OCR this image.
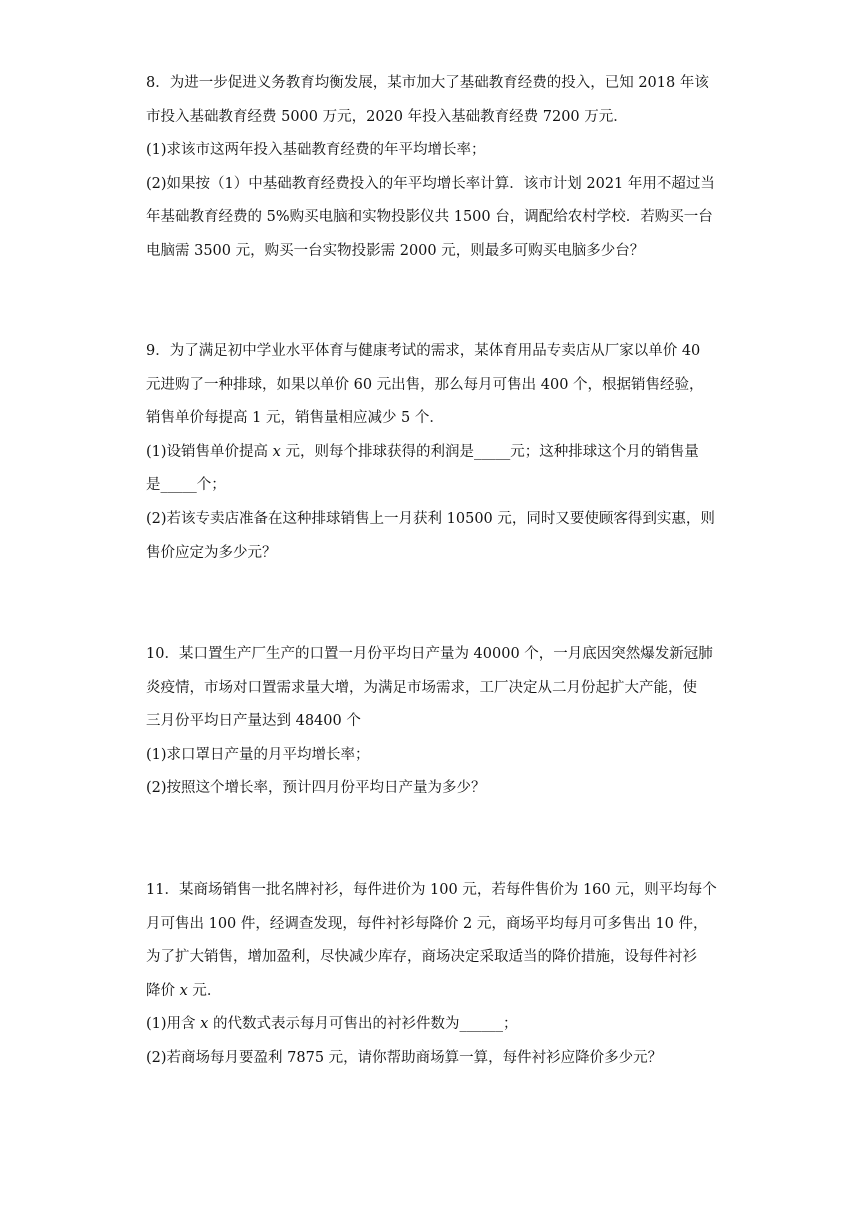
8．为进一步促进义务教育均衡发展，某市加大了基础教育经费的投入，已知 2018 年该
市投入基础教育经费 5000 万元，2020 年投入基础教育经费 7200 万元．
(1)求该市这两年投入基础教育经费的年平均增长率；
(2)如果按（1）中基础教育经费投入的年平均增长率计算．该市计划 2021 年用不超过当
年基础教育经费的 5%购买电脑和实物投影仪共 1500 台，调配给农村学校．若购买一台
电脑需 3500 元，购买一台实物投影需 2000 元，则最多可购买电脑多少台？
9．为了满足初中学业水平体育与健康考试的需求，某体育用品专卖店从厂家以单价 40
元进购了一种排球，如果以单价 60 元出售，那么每月可售出 400 个，根据销售经验，
销售单价每提高 1 元，销售量相应减少 5 个．
(1)设销售单价提高 x 元，则每个排球获得的利润是_____元；这种排球这个月的销售量
是_____个；
(2)若该专卖店准备在这种排球销售上一月获利 10500 元，同时又要使顾客得到实惠，则
售价应定为多少元？
10．某口置生产厂生产的口置一月份平均日产量为 40000 个，一月底因突然爆发新冠肺
炎疫情，市场对口置需求量大增，为满足市场需求，工厂决定从二月份起扩大产能，使
三月份平均日产量达到 48400 个
(1)求口罩日产量的月平均增长率；
(2)按照这个增长率，预计四月份平均日产量为多少？
11．某商场销售一批名牌衬衫，每件进价为 100 元，若每件售价为 160 元，则平均每个
月可售出 100 件，经调查发现，每件衬衫每降价 2 元，商场平均每月可多售出 10 件，
为了扩大销售，增加盈利，尽快减少库存，商场决定采取适当的降价措施，设每件衬衫
降价 x 元．
(1)用含 x 的代数式表示每月可售出的衬衫件数为______；
(2)若商场每月要盈利 7875 元，请你帮助商场算一算，每件衬衫应降价多少元？
